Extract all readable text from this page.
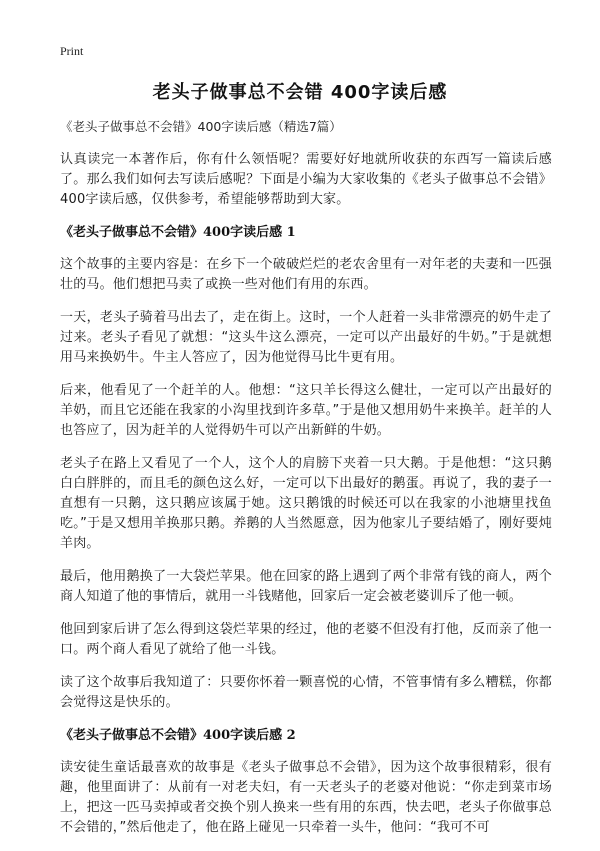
Print
老头子做事总不会错 400字读后感
《老头子做事总不会错》400字读后感（精选7篇）

认真读完一本著作后，你有什么领悟呢？需要好好地就所收获的东西写一篇读后感了。那么我们如何去写读后感呢？下面是小编为大家收集的《老头子做事总不会错》400字读后感，仅供参考，希望能够帮助到大家。

《老头子做事总不会错》400字读后感 1

这个故事的主要内容是：在乡下一个破破烂烂的老农舍里有一对年老的夫妻和一匹强壮的马。他们想把马卖了或换一些对他们有用的东西。

一天，老头子骑着马出去了，走在街上。这时，一个人赶着一头非常漂亮的奶牛走了过来。老头子看见了就想：“这头牛这么漂亮，一定可以产出最好的牛奶。”于是就想用马来换奶牛。牛主人答应了，因为他觉得马比牛更有用。

后来，他看见了一个赶羊的人。他想：“这只羊长得这么健壮，一定可以产出最好的羊奶，而且它还能在我家的小沟里找到许多草。”于是他又想用奶牛来换羊。赶羊的人也答应了，因为赶羊的人觉得奶牛可以产出新鲜的牛奶。

老头子在路上又看见了一个人，这个人的肩膀下夹着一只大鹅。于是他想：“这只鹅白白胖胖的，而且毛的颜色这么好，一定可以下出最好的鹅蛋。再说了，我的妻子一直想有一只鹅，这只鹅应该属于她。这只鹅饿的时候还可以在我家的小池塘里找鱼吃。”于是又想用羊换那只鹅。养鹅的人当然愿意，因为他家儿子要结婚了，刚好要炖羊肉。

最后，他用鹅换了一大袋烂苹果。他在回家的路上遇到了两个非常有钱的商人，两个商人知道了他的事情后，就用一斗钱赌他，回家后一定会被老婆训斥了他一顿。

他回到家后讲了怎么得到这袋烂苹果的经过，他的老婆不但没有打他，反而亲了他一口。两个商人看见了就给了他一斗钱。

读了这个故事后我知道了：只要你怀着一颗喜悦的心情，不管事情有多么糟糕，你都会觉得这是快乐的。

《老头子做事总不会错》400字读后感 2

读安徒生童话最喜欢的故事是《老头子做事总不会错》，因为这个故事很精彩，很有趣，他里面讲了：从前有一对老夫妇，有一天老头子的老婆对他说：“你走到菜市场上，把这一匹马卖掉或者交换个别人换来一些有用的东西，快去吧，老头子你做事总不会错的，”然后他走了，他在路上碰见一只牵着一头牛，他问：“我可不可
